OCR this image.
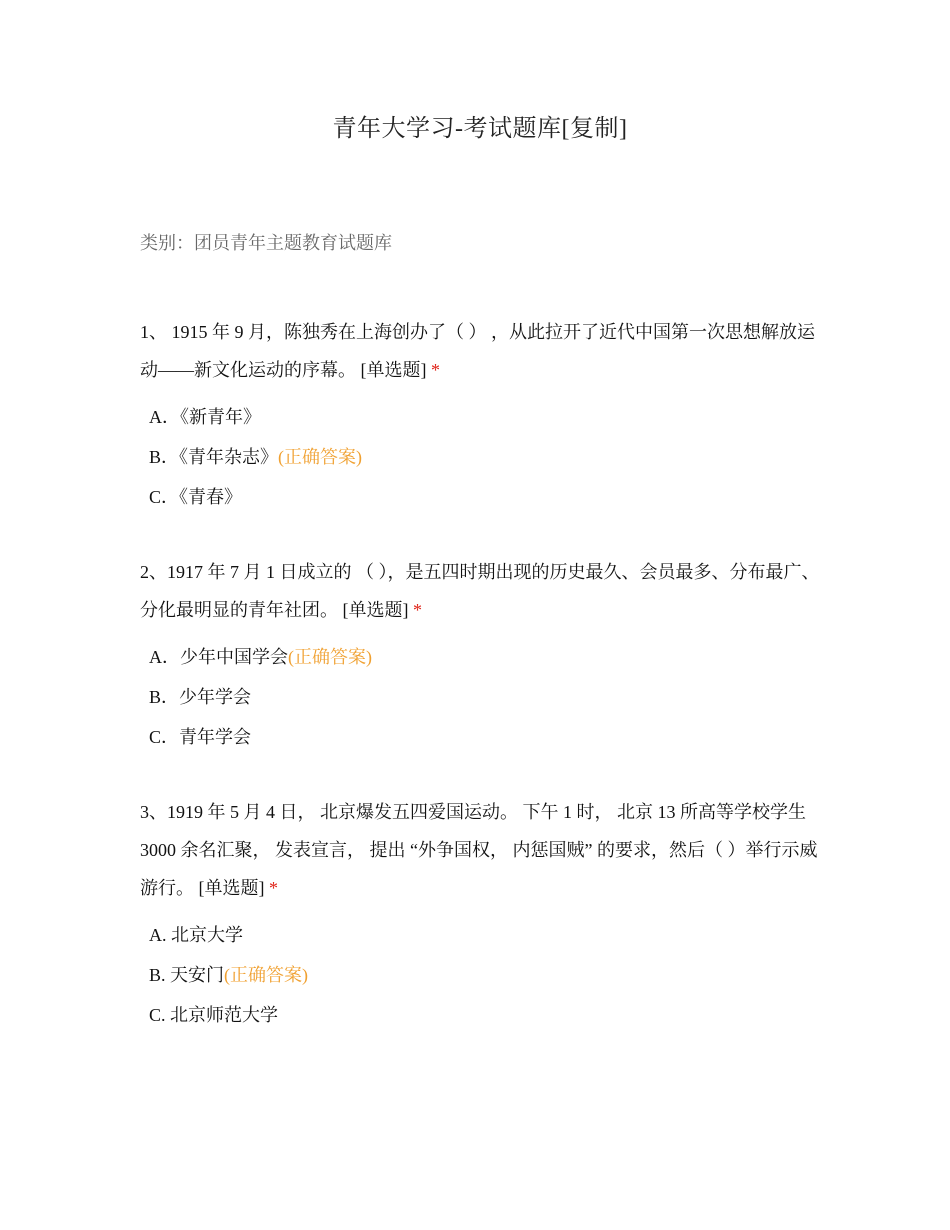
青年大学习-考试题库[复制]
类别：团员青年主题教育试题库

1、 1915 年 9 月，陈独秀在上海创办了（ ） ，从此拉开了近代中国第一次思想解放运动——新文化运动的序幕。 [单选题] *

A．《新青年》
B．《青年杂志》(正确答案)
C．《青春》

2、1917 年 7 月 1 日成立的 （ ），是五四时期出现的历史最久、会员最多、分布最广、分化最明显的青年社团。 [单选题] *

A．少年中国学会(正确答案)
B．少年学会
C．青年学会

3、1919 年 5 月 4 日， 北京爆发五四爱国运动。 下午 1 时， 北京 13 所高等学校学生 3000 余名汇聚， 发表宣言， 提出 “外争国权， 内惩国贼” 的要求，然后（ ）举行示威游行。 [单选题] *

A. 北京大学
B. 天安门(正确答案)
C. 北京师范大学
